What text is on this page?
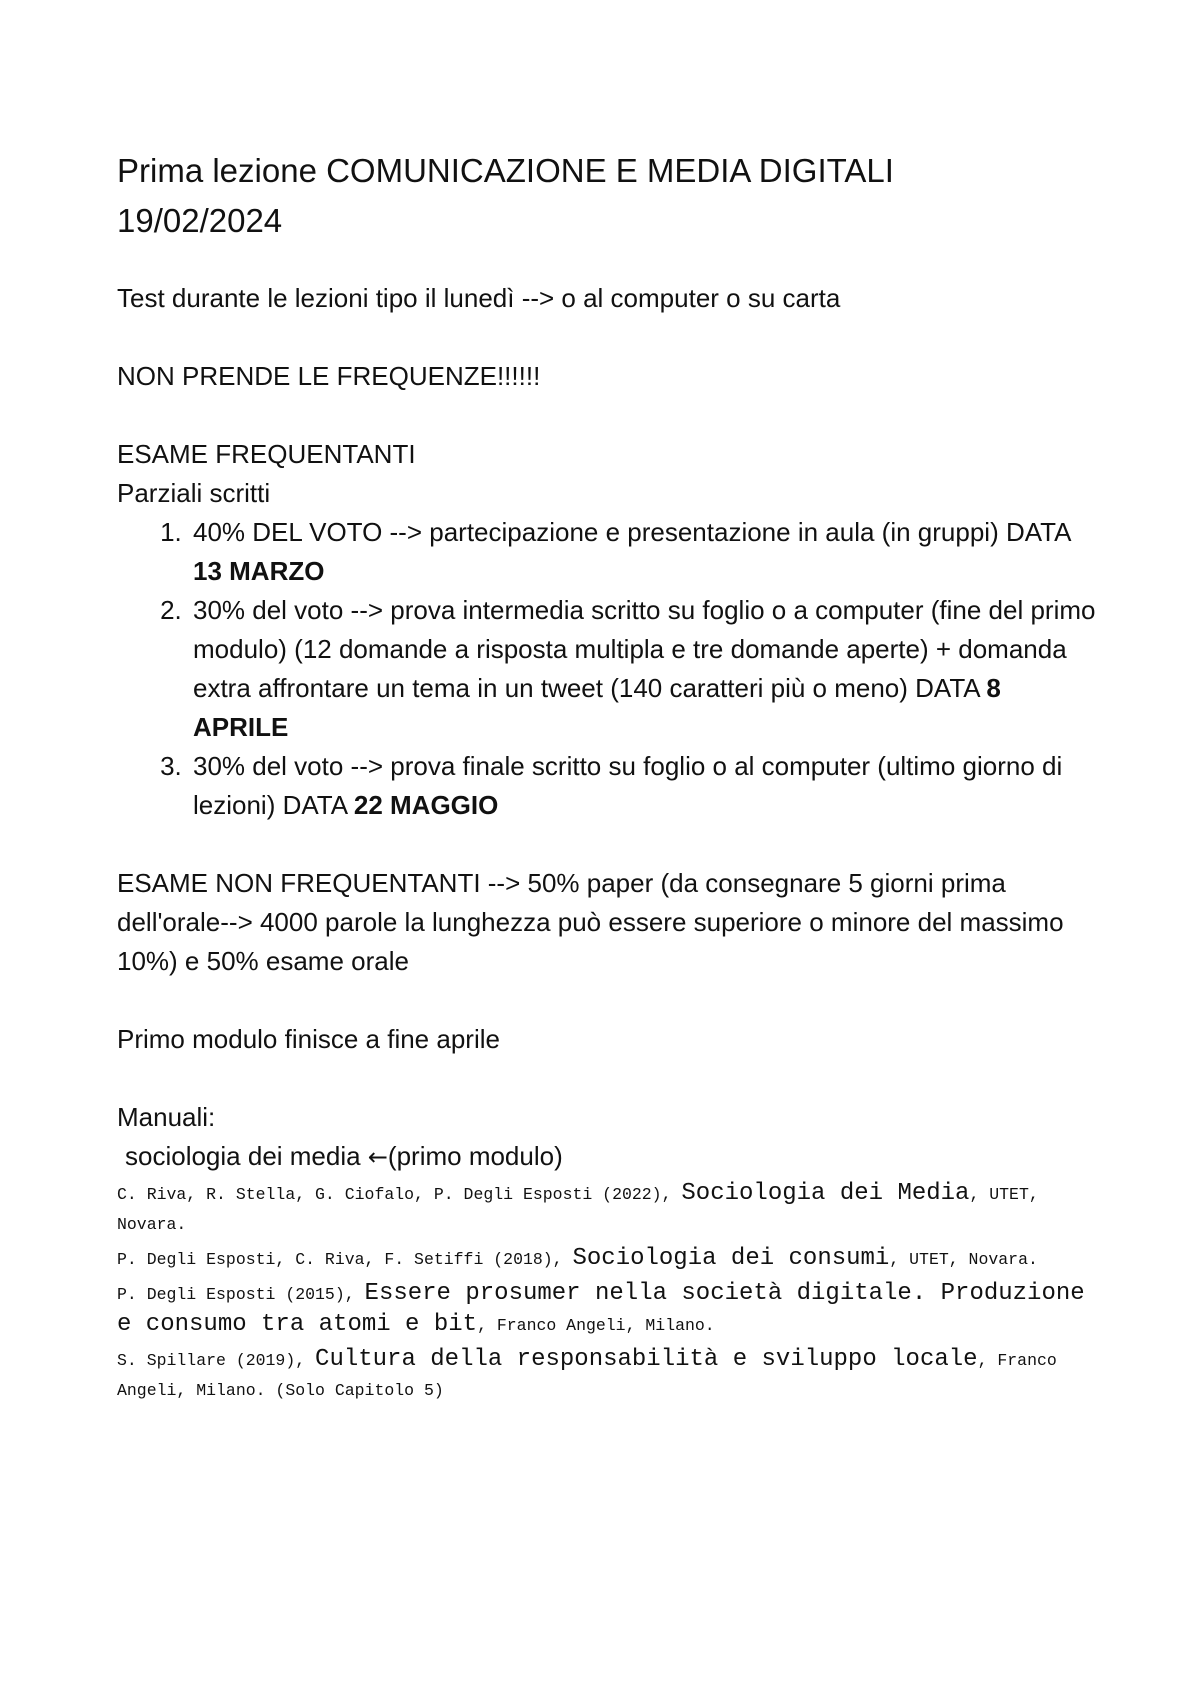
Prima lezione COMUNICAZIONE E MEDIA DIGITALI
19/02/2024

Test durante le lezioni tipo il lunedì --> o al computer o su carta

NON PRENDE LE FREQUENZE!!!!!!

ESAME FREQUENTANTI

Parziali scritti

1. 40% DEL VOTO --> partecipazione e presentazione in aula (in gruppi) DATA 13 MARZO
2. 30% del voto --> prova intermedia scritto su foglio o a computer (fine del primo modulo) (12 domande a risposta multipla e tre domande aperte) + domanda extra affrontare un tema in un tweet (140 caratteri più o meno) DATA 8 APRILE
3. 30% del voto --> prova finale scritto su foglio o al computer (ultimo giorno di lezioni) DATA 22 MAGGIO

ESAME NON FREQUENTANTI --> 50% paper (da consegnare 5 giorni prima dell'orale--> 4000 parole la lunghezza può essere superiore o minore del massimo 10%) e 50% esame orale

Primo modulo finisce a fine aprile

Manuali:

sociologia dei media ←(primo modulo)

C. Riva, R. Stella, G. Ciofalo, P. Degli Esposti (2022), Sociologia dei Media, UTET, Novara.
P. Degli Esposti, C. Riva, F. Setiffi (2018), Sociologia dei consumi, UTET, Novara.
P. Degli Esposti (2015), Essere prosumer nella società digitale. Produzione e consumo tra atomi e bit, Franco Angeli, Milano.
S. Spillare (2019), Cultura della responsabilità e sviluppo locale, Franco Angeli, Milano. (Solo Capitolo 5)
